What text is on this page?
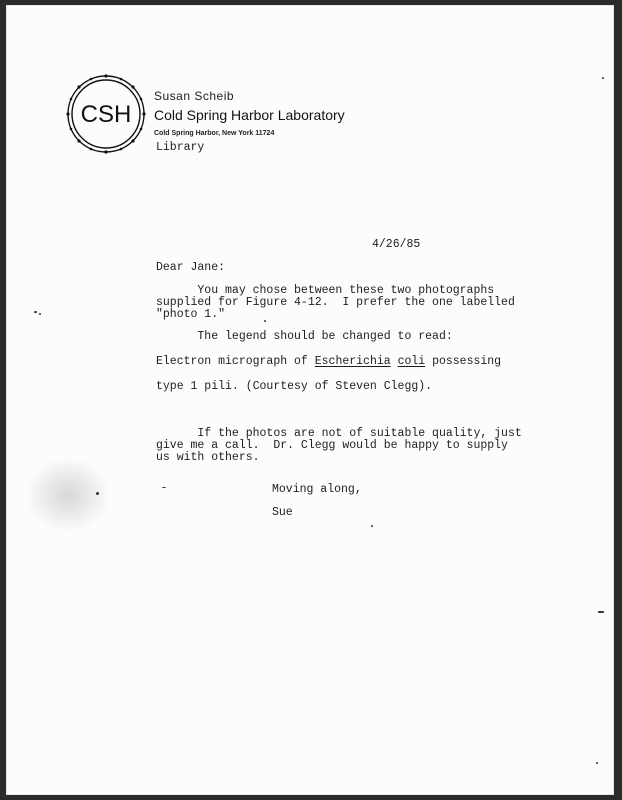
CSH
Susan Scheib
Cold Spring Harbor Laboratory
Cold Spring Harbor, New York 11724
Library
4/26/85
Dear Jane:
You may chose between these two photographs
supplied for Figure 4-12.  I prefer the one labelled
"photo 1."
The legend should be changed to read:
Electron micrograph of Escherichia coli possessing
type 1 pili. (Courtesy of Steven Clegg).
If the photos are not of suitable quality, just
give me a call.  Dr. Clegg would be happy to supply
us with others.
Moving along,
Sue
